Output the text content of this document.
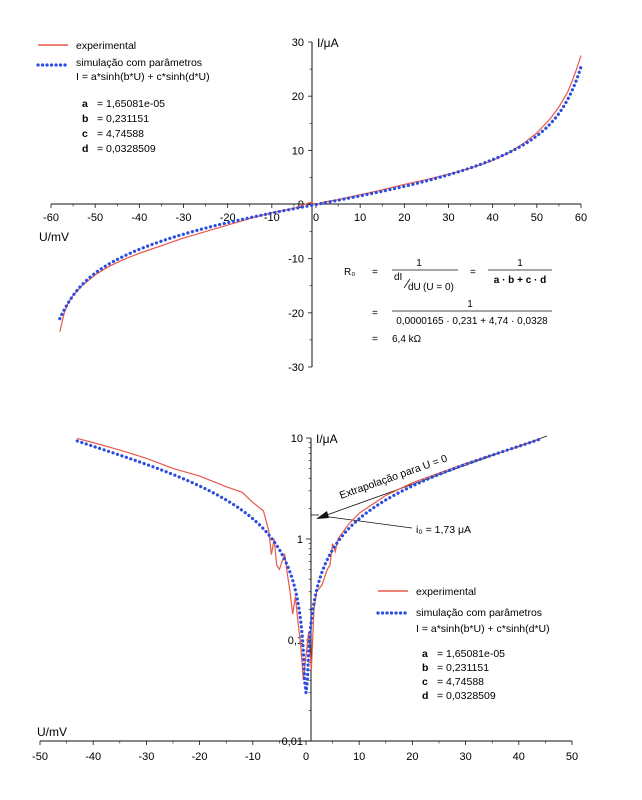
experimental
simulação com parâmetros
I = a*sinh(b*U) + c*sinh(d*U)
a = 1,65081e-05
b = 0,231151
c = 4,74588
d = 0,0328509
R₀ =
1
dI
dU (U = 0)
=
1
a · b + c · d
=
1
0,0000165 · 0,231 + 4,74 · 0,0328
= 6,4 kΩ
Extrapolação para U = 0
i₀ = 1,73 μA
experimental
simulação com parâmetros
I = a*sinh(b*U) + c*sinh(d*U)
a = 1,65081e-05
b = 0,231151
c = 4,74588
d = 0,0328509
-60	-50	-40	-30	-20	-10	0	10	20	30	40	50	60
-30
-20
-10
10
20
30
0
I/μA
U/mV
-50	-40	-30	-20	-10	0	10	20	30	40	50
0,01
0,1
1
10 I/μA
U/mV
